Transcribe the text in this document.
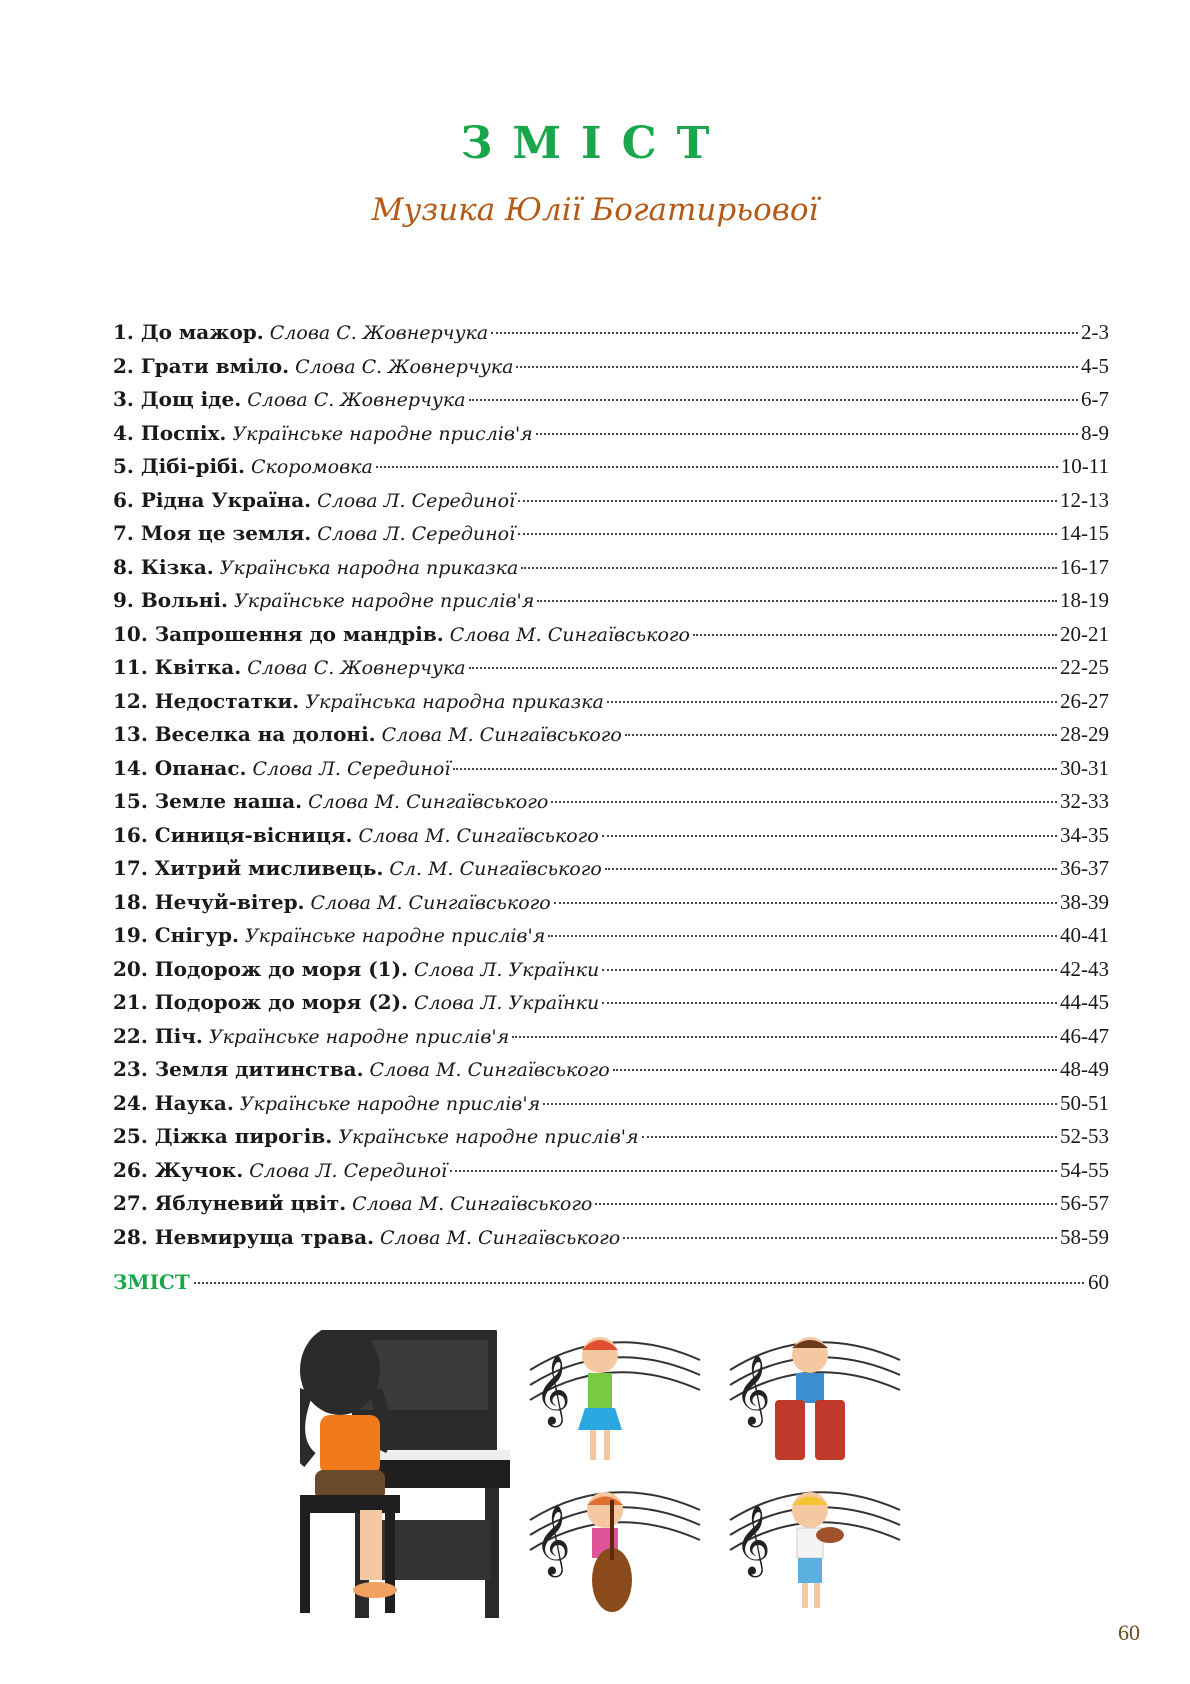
ЗМІСТ
Музика Юлії Богатирьової
1. До мажор. Слова С. Жовнерчука	2-3
2. Грати вміло. Слова С. Жовнерчука	4-5
3. Дощ іде. Слова С. Жовнерчука	6-7
4. Поспіх. Українське народне прислів'я	8-9
5. Дібі-рібі. Скоромовка	10-11
6. Рідна Україна. Слова Л. Серединої	12-13
7. Моя це земля. Слова Л. Серединої	14-15
8. Кізка. Українська народна приказка	16-17
9. Вольні. Українське народне прислів'я	18-19
10. Запрошення до мандрів. Слова М. Сингаївського	20-21
11. Квітка. Слова С. Жовнерчука	22-25
12. Недостатки. Українська народна приказка	26-27
13. Веселка на долоні. Слова М. Сингаївського	28-29
14. Опанас. Слова Л. Серединої	30-31
15. Земле наша. Слова М. Сингаївського	32-33
16. Синиця-вісниця. Слова М. Сингаївського	34-35
17. Хитрий мисливець. Сл. М. Сингаївського	36-37
18. Нечуй-вітер. Слова М. Сингаївського	38-39
19. Снігур. Українське народне прислів'я	40-41
20. Подорож до моря (1). Слова Л. Українки	42-43
21. Подорож до моря (2). Слова Л. Українки	44-45
22. Піч. Українське народне прислів'я	46-47
23. Земля дитинства. Слова М. Сингаївського	48-49
24. Наука. Українське народне прислів'я	50-51
25. Діжка пирогів. Українське народне прислів'я	52-53
26. Жучок. Слова Л. Серединої	54-55
27. Яблуневий цвіт. Слова М. Сингаївського	56-57
28. Невмируща трава. Слова М. Сингаївського	58-59
ЗМІСТ	60
𝄞	𝄞
𝄞	𝄞
60
